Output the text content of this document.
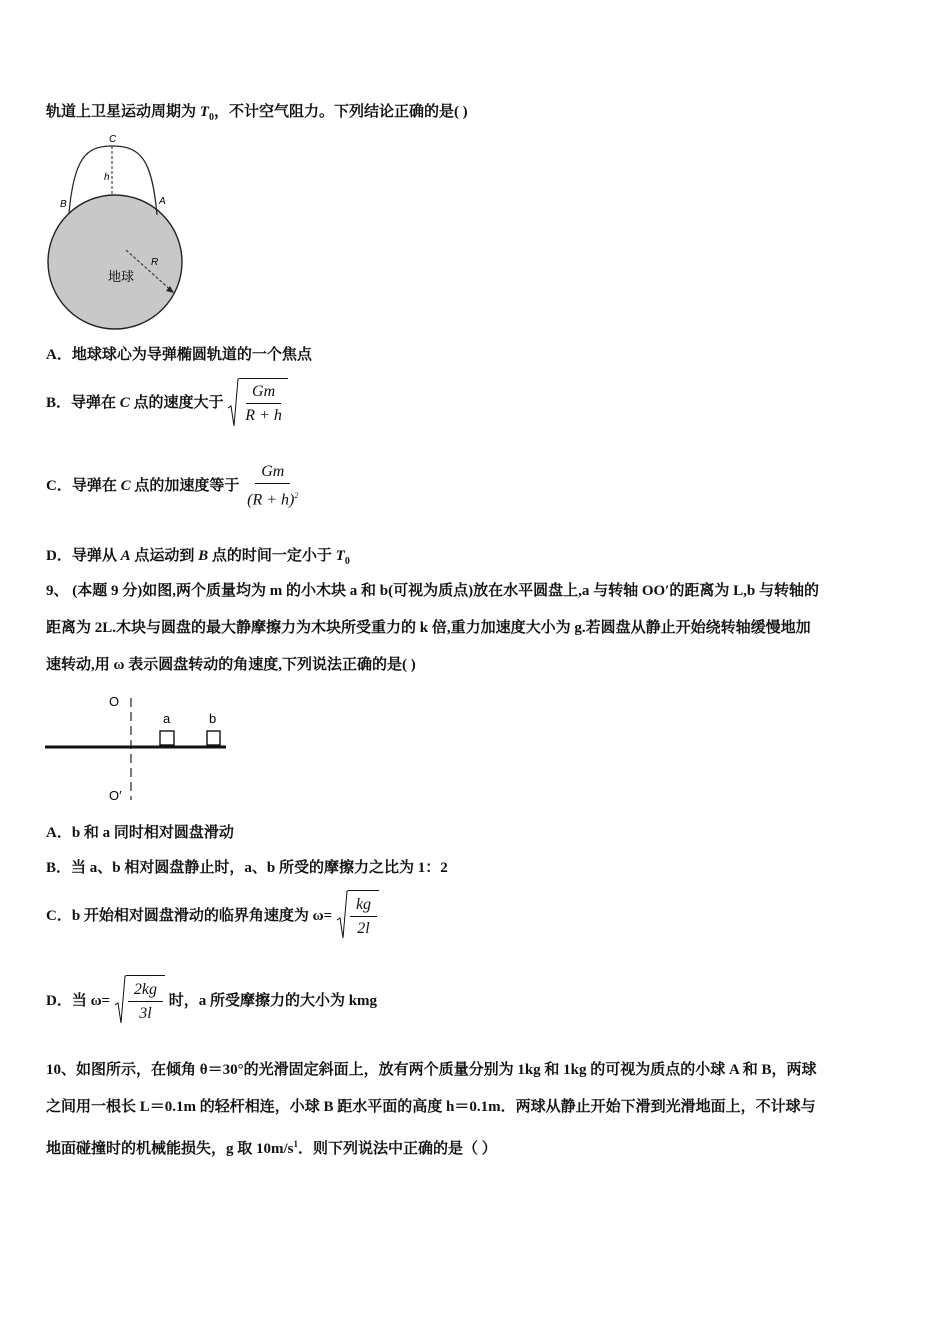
轨道上卫星运动周期为 $T_0$，不计空气阻力。下列结论正确的是( )
C
h
B	A
R
地球
A．地球球心为导弹椭圆轨道的一个焦点
B．导弹在 C 点的速度大于 $\frac{Gm}{R + h}$
C．导弹在 C 点的加速度等于 $\frac{Gm}{(R + h)^2}$
D．导弹从 A 点运动到 B 点的时间一定小于 $T_0$
9、 (本题 9 分)如图,两个质量均为 m 的小木块 a 和 b(可视为质点)放在水平圆盘上,a 与转轴 OO′的距离为 L,b 与转轴的
距离为 2L.木块与圆盘的最大静摩擦力为木块所受重力的 k 倍,重力加速度大小为 g.若圆盘从静止开始绕转轴缓慢地加
速转动,用 ω 表示圆盘转动的角速度,下列说法正确的是( )
O
a	b
O′
A．b 和 a 同时相对圆盘滑动
B．当 a、b 相对圆盘静止时，a、b 所受的摩擦力之比为 1：2
C．b 开始相对圆盘滑动的临界角速度为 $\omega= \frac{kg}{2l}$
D．当 $\omega= \frac{2kg}{3l}$ 时，a 所受摩擦力的大小为 kmg
10、如图所示，在倾角 θ＝30°的光滑固定斜面上，放有两个质量分别为 1kg 和 1kg 的可视为质点的小球 A 和 B，两球
之间用一根长 L＝0.1m 的轻杆相连，小球 B 距水平面的高度 h＝0.1m．两球从静止开始下滑到光滑地面上，不计球与
地面碰撞时的机械能损失，g 取 $10m/s^1$．则下列说法中正确的是（ ）
